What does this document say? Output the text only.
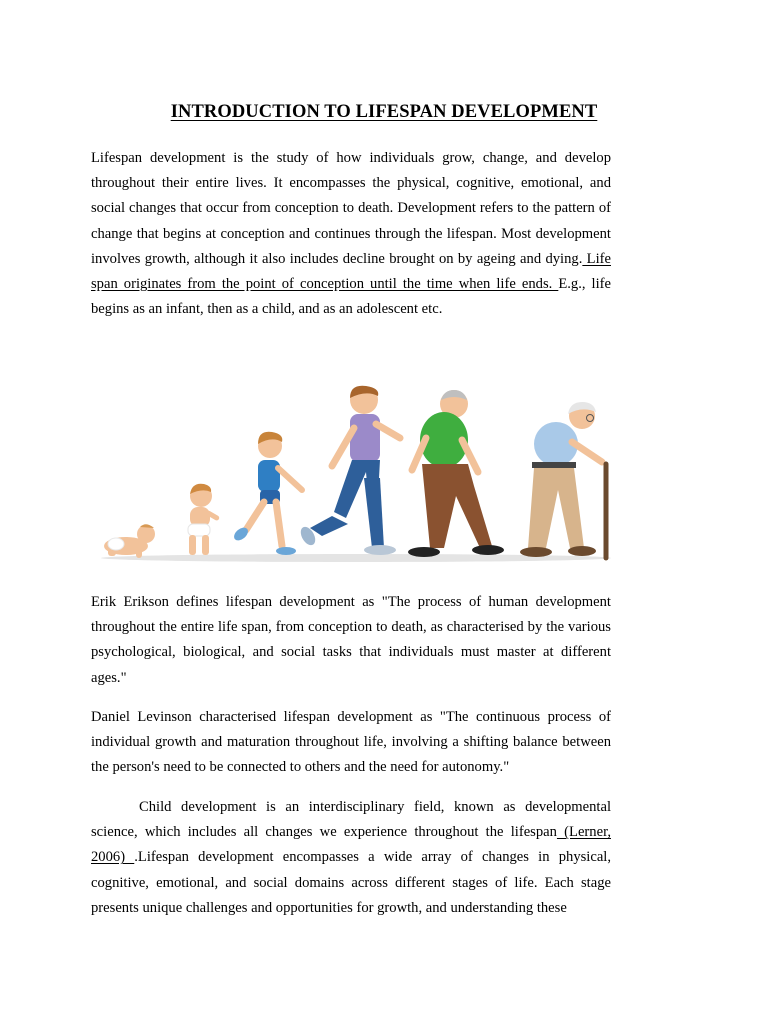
INTRODUCTION TO LIFESPAN DEVELOPMENT

Lifespan development is the study of how individuals grow, change, and develop throughout their entire lives. It encompasses the physical, cognitive, emotional, and social changes that occur from conception to death. Development refers to the pattern of change that begins at conception and continues through the lifespan. Most development involves growth, although it also includes decline brought on by ageing and dying. Life span originates from the point of conception until the time when life ends. E.g., life begins as an infant, then as a child, and as an adolescent etc.

Erik Erikson defines lifespan development as "The process of human development throughout the entire life span, from conception to death, as characterised by the various psychological, biological, and social tasks that individuals must master at different ages."

Daniel Levinson characterised lifespan development as "The continuous process of individual growth and maturation throughout life, involving a shifting balance between the person's need to be connected to others and the need for autonomy."

Child development is an interdisciplinary field, known as developmental science, which includes all changes we experience throughout the lifespan (Lerner, 2006) .Lifespan development encompasses a wide array of changes in physical, cognitive, emotional, and social domains across different stages of life. Each stage presents unique challenges and opportunities for growth, and understanding these
